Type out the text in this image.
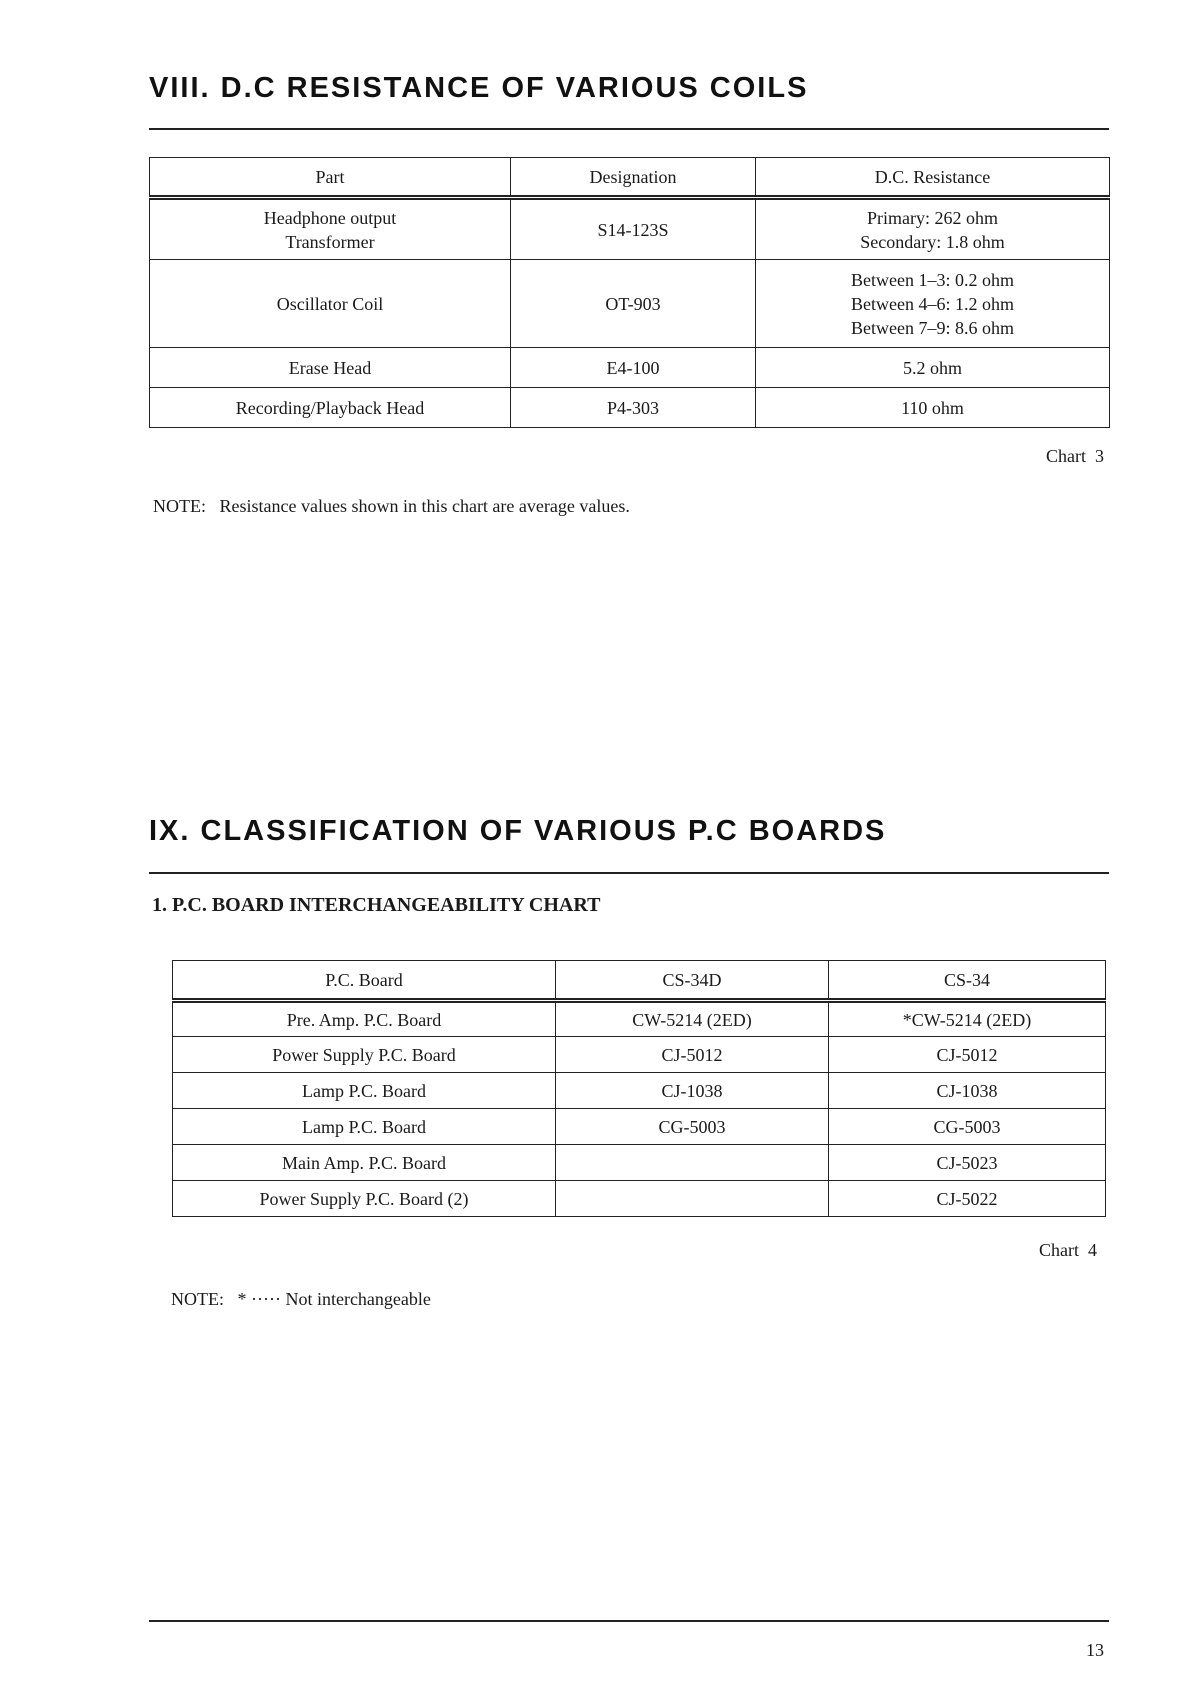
VIII. D.C RESISTANCE OF VARIOUS COILS
Part	Designation	D.C. Resistance

Headphone output
Transformer	S14-123S	Primary: 262 ohm
Secondary: 1.8 ohm

Oscillator Coil	OT-903	Between 1–3: 0.2 ohm
Between 4–6: 1.2 ohm
Between 7–9: 8.6 ohm

Erase Head	E4-100	5.2 ohm
Recording/Playback Head	P4-303	110 ohm
Chart  3
NOTE:   Resistance values shown in this chart are average values.
IX. CLASSIFICATION OF VARIOUS P.C BOARDS
1. P.C. BOARD INTERCHANGEABILITY CHART
P.C. Board	CS-34D	CS-34
Pre. Amp. P.C. Board	CW-5214 (2ED)	*CW-5214 (2ED)
Power Supply P.C. Board	CJ-5012	CJ-5012
Lamp P.C. Board	CJ-1038	CJ-1038
Lamp P.C. Board	CG-5003	CG-5003
Main Amp. P.C. Board		CJ-5023
Power Supply P.C. Board (2)		CJ-5022
Chart  4
NOTE:   * ····· Not interchangeable
13
